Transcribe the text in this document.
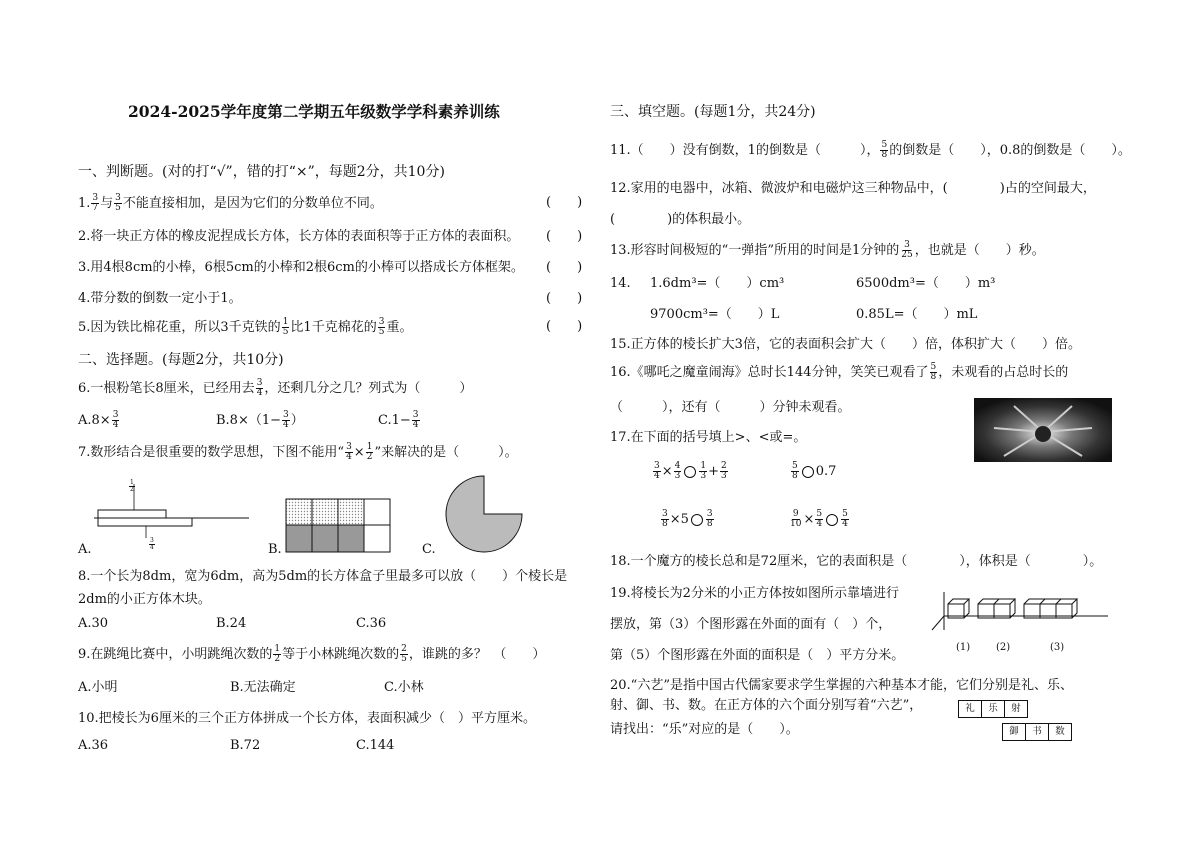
2024-2025学年度第二学期五年级数学学科素养训练
一、判断题。(对的打“√”，错的打“×”，每题2分，共10分)
1. $\frac{3}{7}$ 与 $\frac{3}{5}$ 不能直接相加，是因为它们的分数单位不同。	(　　)
2.将一块正方体的橡皮泥捏成长方体，长方体的表面积等于正方体的表面积。 (　　)
3.用4根8cm的小棒，6根5cm的小棒和2根6cm的小棒可以搭成长方体框架。 (　　)
4.带分数的倒数一定小于1。	(　　)
5.因为铁比棉花重，所以3千克铁的 $\frac{1}{5}$ 比1千克棉花的 $\frac{3}{5}$ 重。	(　　)
二、选择题。(每题2分，共10分)
6.一根粉笔长8厘米，已经用去 $\frac{3}{4}$ ，还剩几分之几？列式为（　　　）
$A.8\times \frac{3}{4}$	$B.8\times(1- \frac{3}{4}$ ）	$C.1- \frac{3}{4}$
7.数形结合是很重要的数学思想，下图不能用“ $\frac{3}{4} \times \frac{1}{2}$ ”来解决的是（　　　）。
$\frac{1}{2}$
$\frac{3}{4}$
A.	B.	C.
8.一个长为8dm，宽为6dm，高为5dm的长方体盒子里最多可以放（　　）个棱长是
2dm的小正方体木块。
A.30	B.24	C.36
9.在跳绳比赛中，小明跳绳次数的 $\frac{1}{2}$ 等于小林跳绳次数的 $\frac{2}{5}$ ，谁跳的多？　（　　）
A.小明	B.无法确定	C.小林
10.把棱长为6厘米的三个正方体拼成一个长方体，表面积减少（　）平方厘米。
A.36	B.72	C.144
三、填空题。(每题1分，共24分)
11.（　　）没有倒数，1的倒数是（　　　）， $\frac{5}{8}$ 的倒数是（　　），0.8的倒数是（　　）。
12.家用的电器中，冰箱、微波炉和电磁炉这三种物品中，(　　　　)占的空间最大，
(　　　　)的体积最小。
13.形容时间极短的“一弹指”所用的时间是1分钟的 $\frac{3}{25}$ ，也就是（　　）秒。
14. 1.6dm³=（　　）cm³	6500dm³=（　　）m³
9700cm³=（　　）L	0.85L=（　　）mL
15.正方体的棱长扩大3倍，它的表面积会扩大（　　）倍，体积扩大（　　）倍。
16.《哪吒之魔童闹海》总时长144分钟，笑笑已观看了 $\frac{5}{8}$ ，未观看的占总时长的
（　　　），还有（　　　）分钟未观看。
17.在下面的括号填上>、<或=。
$\frac{3}{4} \times \frac{4}{3} \frac{1}{3} + \frac{2}{3}$	$\frac{5}{8} 0.7$
$\frac{3}{8} \times 5 \frac{3}{8}$	$\frac{9}{10} \times \frac{5}{4} \frac{5}{4}$
18.一个魔方的棱长总和是72厘米，它的表面积是（　　　　），体积是（　　　　）。
19.将棱长为2分米的小正方体按如图所示靠墙进行
摆放，第（3）个图形露在外面的面有（　）个，
第（5）个图形露在外面的面积是（　）平方分米。
(1)	(2)	(3)
20.“六艺”是指中国古代儒家要求学生掌握的六种基本才能，它们分别是礼、乐、
射、御、书、数。在正方体的六个面分别写着“六艺”，
请找出：“乐”对应的是（　　）。
礼	乐	射
御	书	数
